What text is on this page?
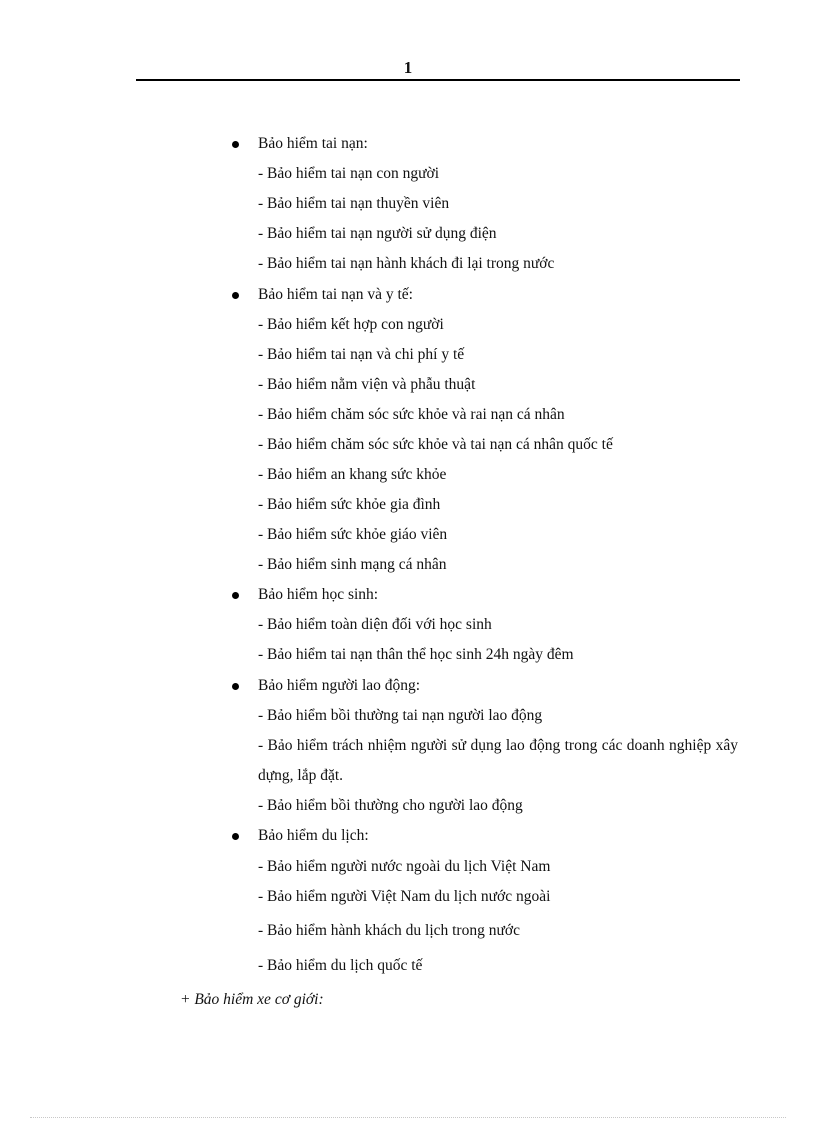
1
Bảo hiểm tai nạn:
- Bảo hiểm tai nạn con người
- Bảo hiểm tai nạn thuyền viên
- Bảo hiểm tai nạn người sử dụng điện
- Bảo hiểm tai nạn hành khách đi lại trong nước
Bảo hiểm tai nạn và y tế:
- Bảo hiểm kết hợp con người
- Bảo hiểm tai nạn và chi phí y tế
- Bảo hiểm nằm viện và phẫu thuật
- Bảo hiểm chăm sóc sức khỏe và rai nạn cá nhân
- Bảo hiểm chăm sóc sức khỏe và tai nạn cá nhân quốc tế
- Bảo hiểm an khang sức khỏe
- Bảo hiểm sức khỏe gia đình
- Bảo hiểm sức khỏe giáo viên
- Bảo hiểm sinh mạng cá nhân
Bảo hiểm học sinh:
- Bảo hiểm toàn diện đối với học sinh
- Bảo hiểm tai nạn thân thể học sinh 24h ngày đêm
Bảo hiểm người lao động:
- Bảo hiểm bồi thường tai nạn người lao động
- Bảo hiểm trách nhiệm người sử dụng lao động trong các doanh nghiệp xây dựng, lắp đặt.
- Bảo hiểm bồi thường cho người lao động
Bảo hiểm du lịch:
- Bảo hiểm người nước ngoài du lịch Việt Nam
- Bảo hiểm người Việt Nam du lịch nước ngoài
- Bảo hiểm hành khách du lịch trong nước
- Bảo hiểm du lịch quốc tế
+ Bảo hiểm xe cơ giới:
